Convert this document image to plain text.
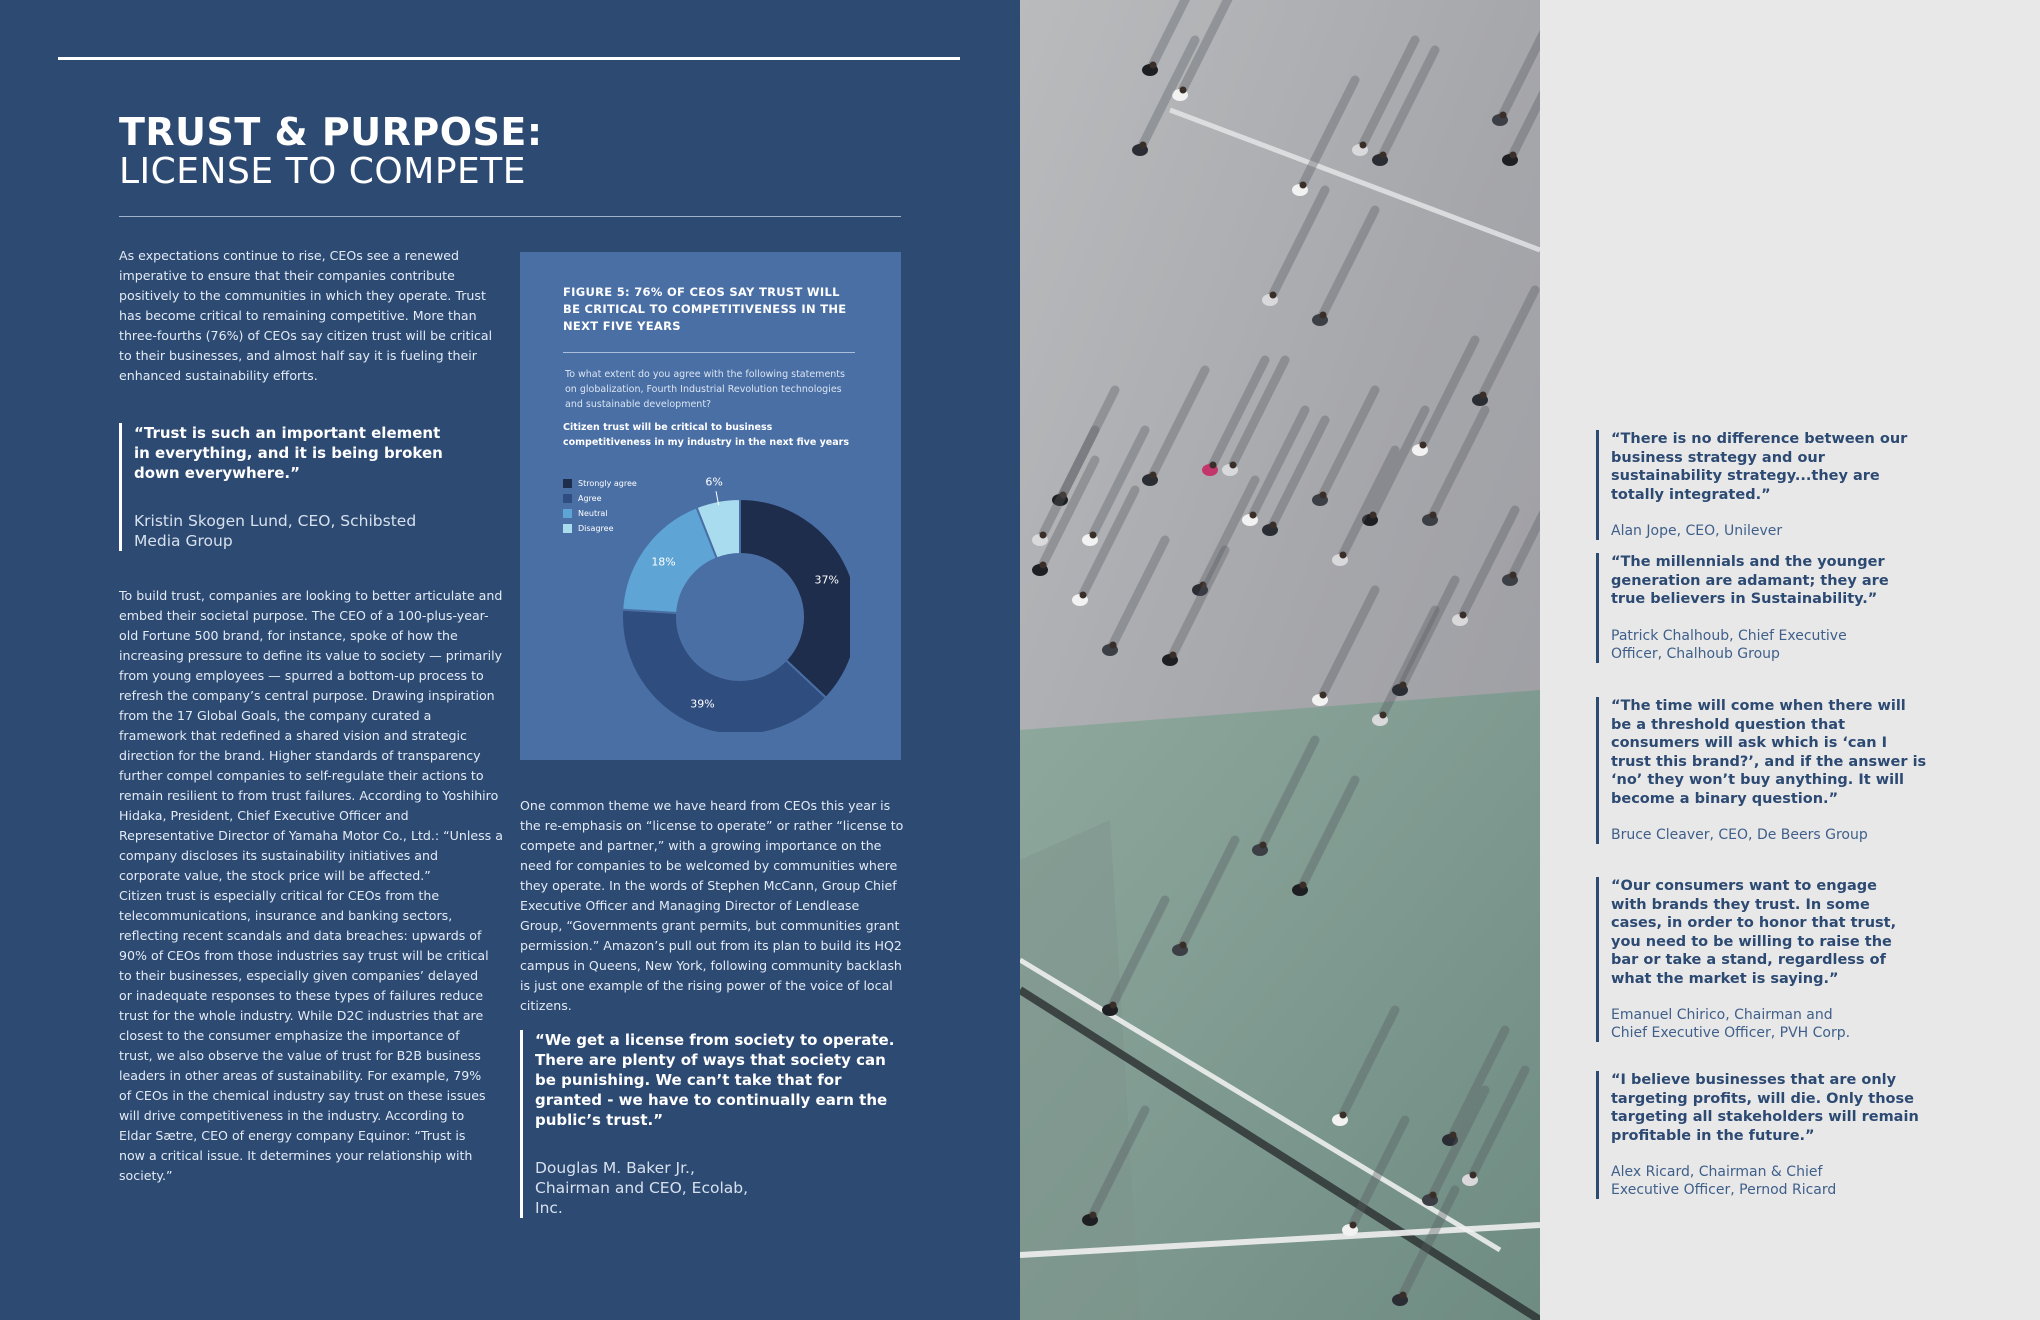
TRUST & PURPOSE:
LICENSE TO COMPETE

As expectations continue to rise, CEOs see a renewed imperative to ensure that their companies contribute positively to the communities in which they operate. Trust has become critical to remaining competitive. More than three-fourths (76%) of CEOs say citizen trust will be critical to their businesses, and almost half say it is fueling their enhanced sustainability efforts.

“Trust is such an important element in everything, and it is being broken down everywhere.”
Kristin Skogen Lund, CEO, Schibsted Media Group

To build trust, companies are looking to better articulate and embed their societal purpose. The CEO of a 100-plus-year-old Fortune 500 brand, for instance, spoke of how the increasing pressure to define its value to society — primarily from young employees — spurred a bottom-up process to refresh the company’s central purpose. Drawing inspiration from the 17 Global Goals, the company curated a framework that redefined a shared vision and strategic direction for the brand. Higher standards of transparency further compel companies to self-regulate their actions to remain resilient to from trust failures. According to Yoshihiro Hidaka, President, Chief Executive Officer and Representative Director of Yamaha Motor Co., Ltd.: “Unless a company discloses its sustainability initiatives and corporate value, the stock price will be affected.”

Citizen trust is especially critical for CEOs from the telecommunications, insurance and banking sectors, reflecting recent scandals and data breaches: upwards of 90% of CEOs from those industries say trust will be critical to their businesses, especially given companies’ delayed or inadequate responses to these types of failures reduce trust for the whole industry. While D2C industries that are closest to the consumer emphasize the importance of trust, we also observe the value of trust for B2B business leaders in other areas of sustainability. For example, 79% of CEOs in the chemical industry say trust on these issues will drive competitiveness in the industry. According to Eldar Sætre, CEO of energy company Equinor: “Trust is now a critical issue. It determines your relationship with society.”

FIGURE 5: 76% OF CEOS SAY TRUST WILL BE CRITICAL TO COMPETITIVENESS IN THE NEXT FIVE YEARS
To what extent do you agree with the following statements on globalization, Fourth Industrial Revolution technologies and sustainable development?
Citizen trust will be critical to business competitiveness in my industry in the next five years
Strongly agree
Agree
Neutral
Disagree
37%
39%
18%
6%

One common theme we have heard from CEOs this year is the re-emphasis on “license to operate” or rather “license to compete and partner,” with a growing importance on the need for companies to be welcomed by communities where they operate. In the words of Stephen McCann, Group Chief Executive Officer and Managing Director of Lendlease Group, “Governments grant permits, but communities grant permission.” Amazon’s pull out from its plan to build its HQ2 campus in Queens, New York, following community backlash is just one example of the rising power of the voice of local citizens.

“We get a license from society to operate. There are plenty of ways that society can be punishing. We can’t take that for granted - we have to continually earn the public’s trust.”
Douglas M. Baker Jr., Chairman and CEO, Ecolab, Inc.
“There is no difference between our business strategy and our sustainability strategy...they are totally integrated.”
Alan Jope, CEO, Unilever
“The millennials and the younger generation are adamant; they are true believers in Sustainability.”
Patrick Chalhoub, Chief Executive Officer, Chalhoub Group
“The time will come when there will be a threshold question that consumers will ask which is ‘can I trust this brand?’, and if the answer is ‘no’ they won’t buy anything. It will become a binary question.”
Bruce Cleaver, CEO, De Beers Group
“Our consumers want to engage with brands they trust. In some cases, in order to honor that trust, you need to be willing to raise the bar or take a stand, regardless of what the market is saying.”
Emanuel Chirico, Chairman and Chief Executive Officer, PVH Corp.
“I believe businesses that are only targeting profits, will die. Only those targeting all stakeholders will remain profitable in the future.”
Alex Ricard, Chairman & Chief Executive Officer, Pernod Ricard
